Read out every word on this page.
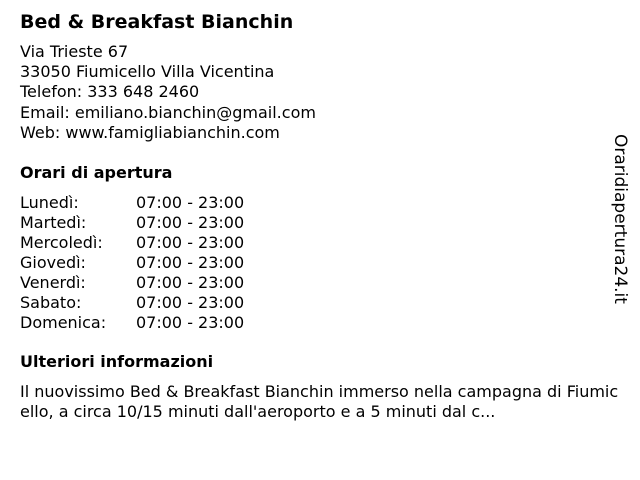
Bed & Breakfast Bianchin
Via Trieste 67
33050 Fiumicello Villa Vicentina
Telefon: 333 648 2460
Email: emiliano.bianchin@gmail.com
Web: www.famigliabianchin.com
Orari di apertura
Lunedì:	07:00 - 23:00
Martedì:	07:00 - 23:00
Mercoledì:	07:00 - 23:00
Giovedì:	07:00 - 23:00
Venerdì:	07:00 - 23:00
Sabato:	07:00 - 23:00
Domenica:	07:00 - 23:00
Ulteriori informazioni
Il nuovissimo Bed & Breakfast Bianchin immerso nella campagna di Fiumicello, a circa 10/15 minuti dall'aeroporto e a 5 minuti dal c...
Oraridiapertura24.it
